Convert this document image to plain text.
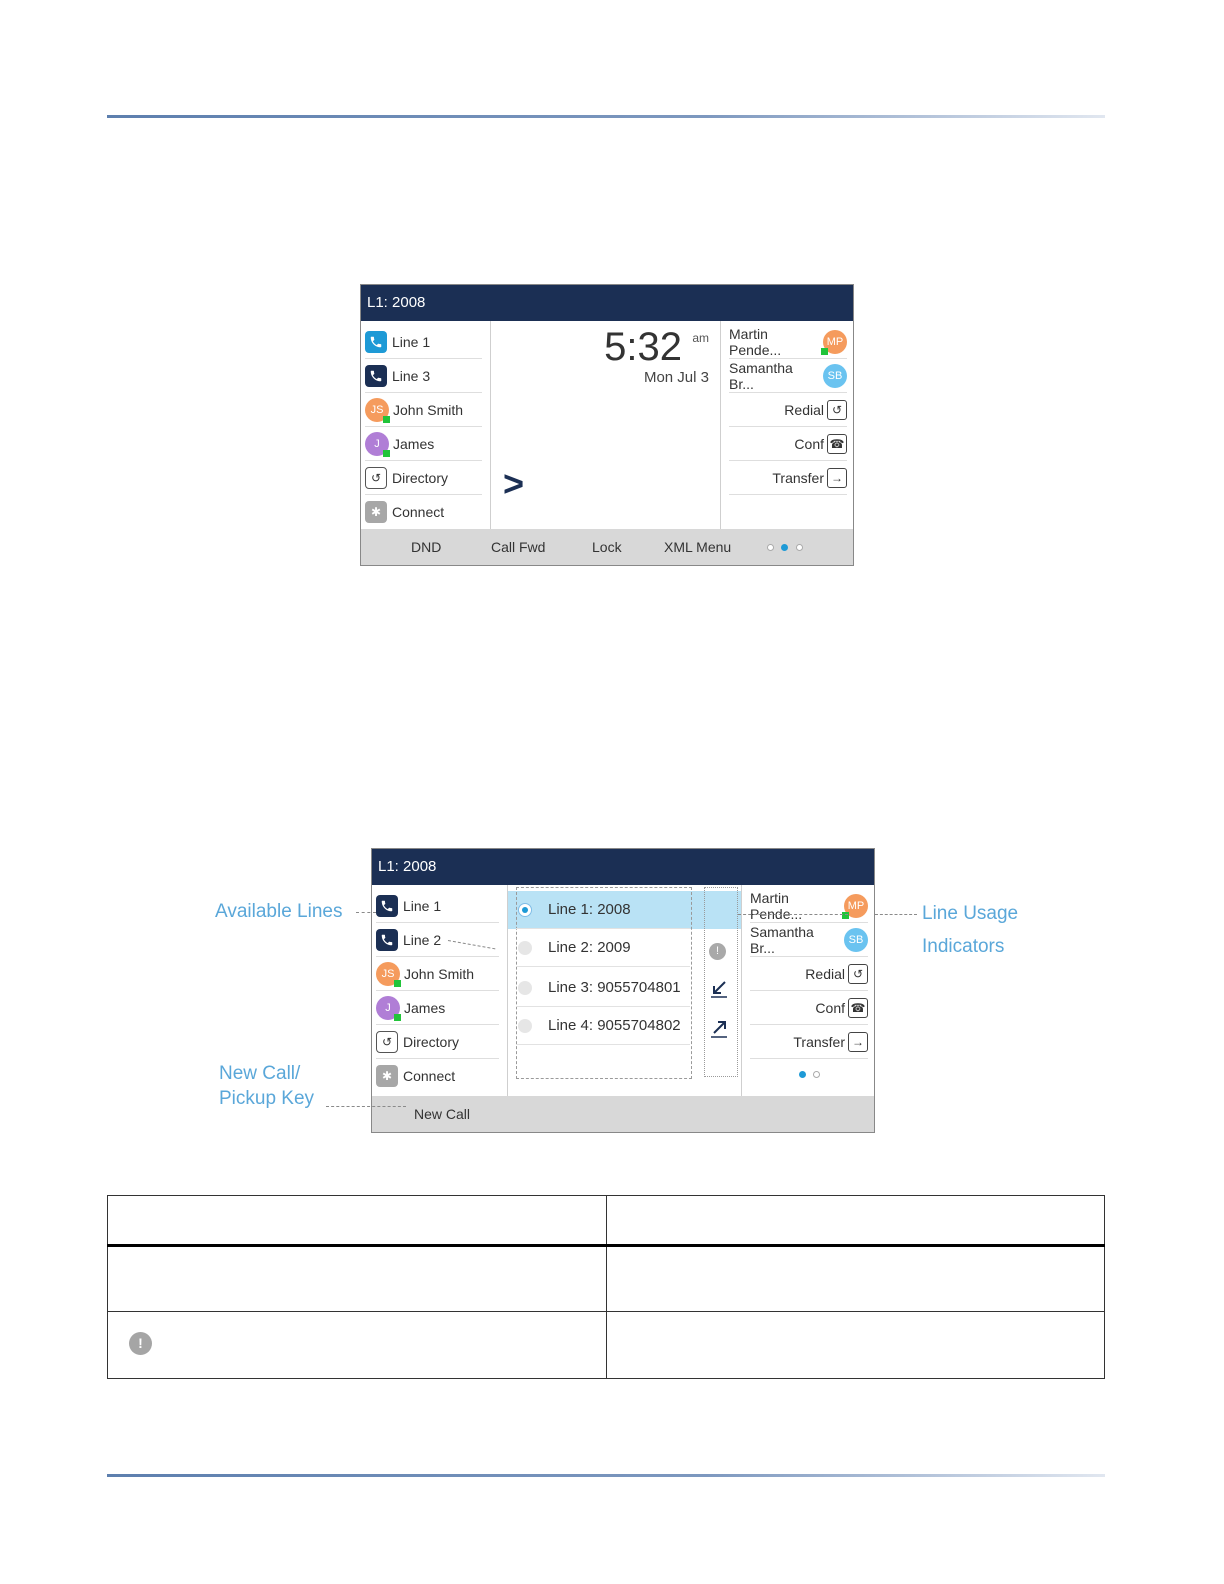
L1: 2008
Line 1
Line 3
JS John Smith
J James
↺ Directory
✱ Connect
5:32 am
Mon Jul 3
>
Martin Pende...	MP
Samantha Br...	SB
Redial ↺
Conf ☎
Transfer →
DND	Call Fwd	Lock	XML Menu
L1: 2008
Line 1
Line 2
JS John Smith
J James
↺ Directory
✱ Connect
Line 1: 2008
Line 2: 2009
Line 3: 9055704801
Line 4: 9055704802
!
Martin Pende...	MP
Samantha Br...	SB
Redial ↺
Conf ☎
Transfer →
New Call
Available Lines	Line Usage
Indicators
New Call/
Pickup Key

!	
